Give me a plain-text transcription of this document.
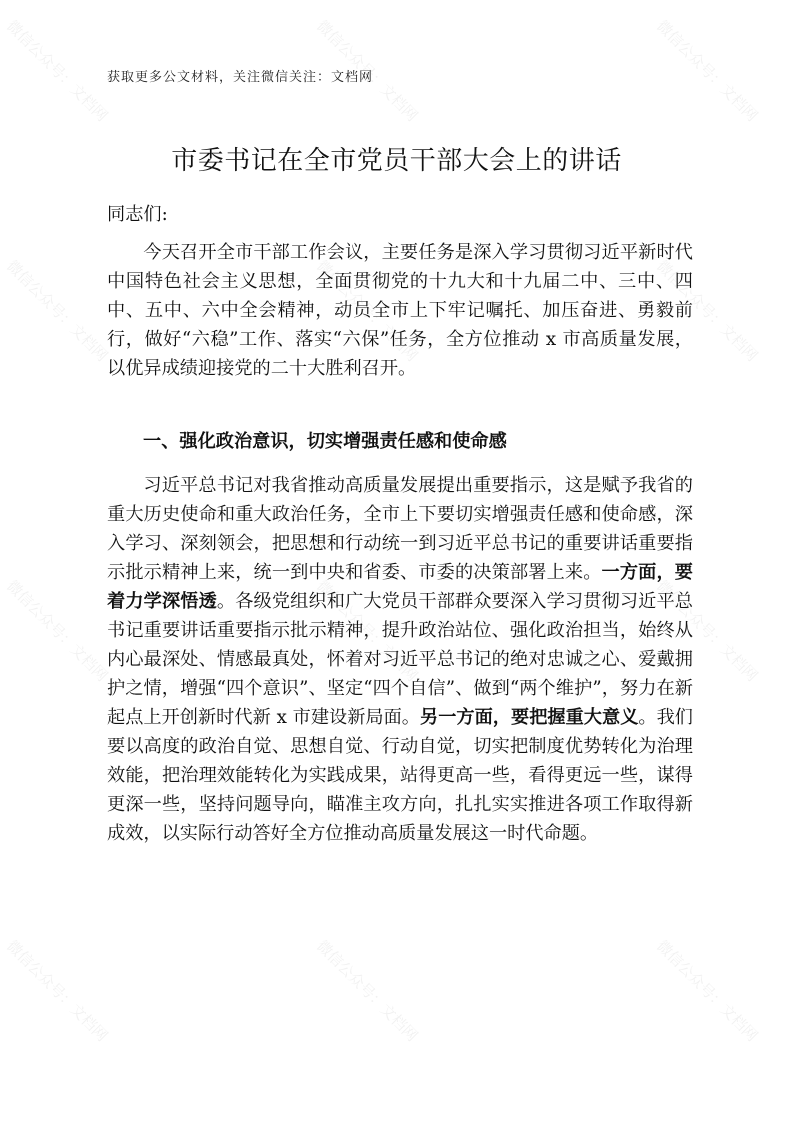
微信公众号：文档网	微信公众号：文档网	微信公众号：文档网
微信公众号：文档网	微信公众号：文档网	微信公众号：文档网
微信公众号：文档网	微信公众号：文档网	微信公众号：文档网
微信公众号：文档网	微信公众号：文档网	微信公众号：文档网
获取更多公文材料，关注微信关注：文档网
市委书记在全市党员干部大会上的讲话
同志们:

今天召开全市干部工作会议，主要任务是深入学习贯彻习近平新时代中国特色社会主义思想，全面贯彻党的十九大和十九届二中、三中、四中、五中、六中全会精神，动员全市上下牢记嘱托、加压奋进、勇毅前行，做好“六稳”工作、落实“六保”任务，全方位推动 x 市高质量发展，以优异成绩迎接党的二十大胜利召开。

一、强化政治意识，切实增强责任感和使命感

习近平总书记对我省推动高质量发展提出重要指示，这是赋予我省的重大历史使命和重大政治任务，全市上下要切实增强责任感和使命感，深入学习、深刻领会，把思想和行动统一到习近平总书记的重要讲话重要指示批示精神上来，统一到中央和省委、市委的决策部署上来。一方面，要着力学深悟透。各级党组织和广大党员干部群众要深入学习贯彻习近平总书记重要讲话重要指示批示精神，提升政治站位、强化政治担当，始终从内心最深处、情感最真处，怀着对习近平总书记的绝对忠诚之心、爱戴拥护之情，增强“四个意识”、坚定“四个自信”、做到“两个维护”，努力在新起点上开创新时代新 x 市建设新局面。另一方面，要把握重大意义。我们要以高度的政治自觉、思想自觉、行动自觉，切实把制度优势转化为治理效能，把治理效能转化为实践成果，站得更高一些，看得更远一些，谋得更深一些，坚持问题导向，瞄准主攻方向，扎扎实实推进各项工作取得新成效，以实际行动答好全方位推动高质量发展这一时代命题。
